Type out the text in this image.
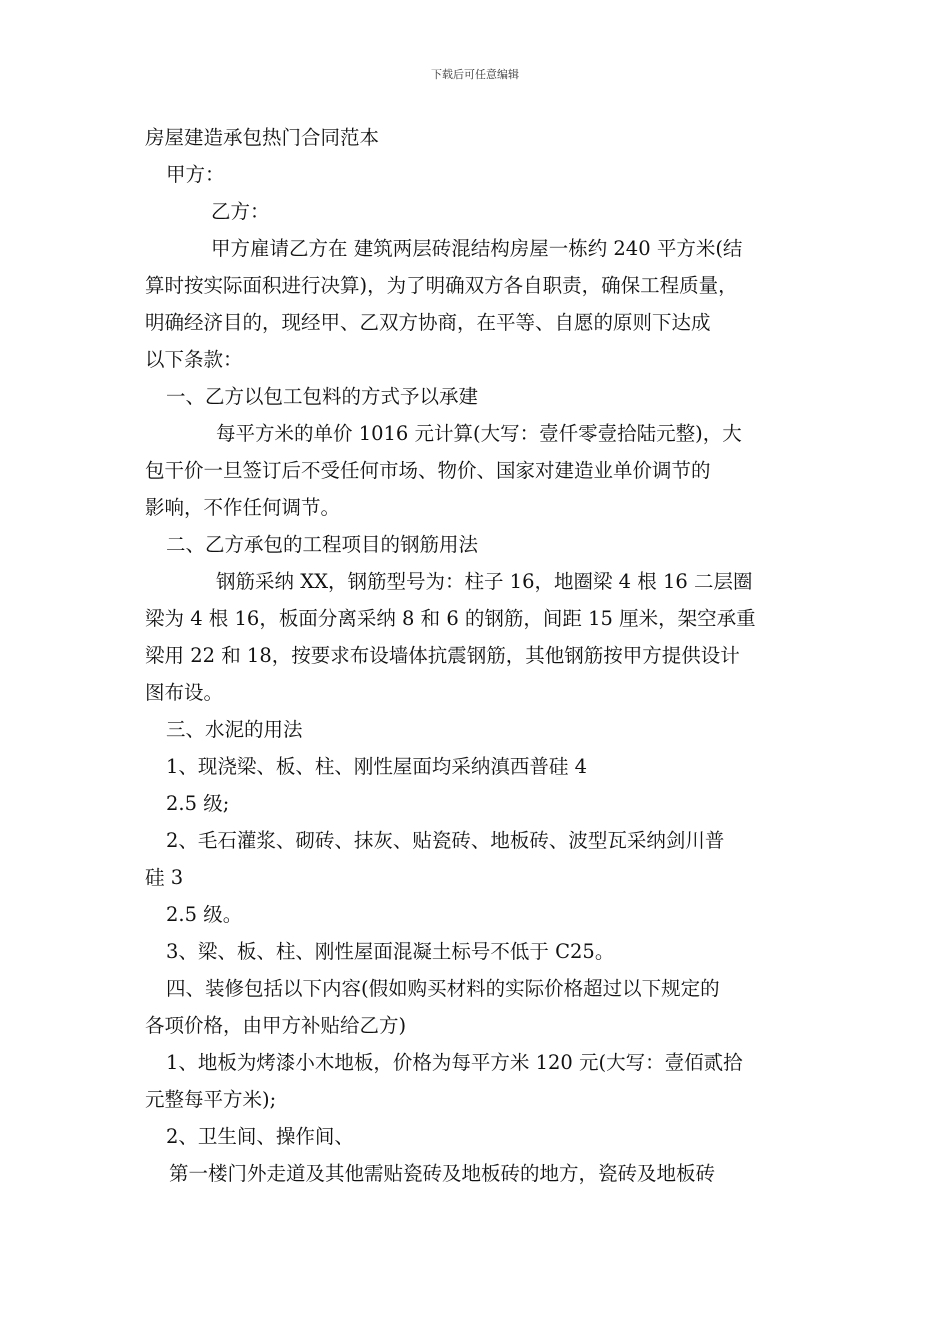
下载后可任意编辑
房屋建造承包热门合同范本
甲方：
乙方：
甲方雇请乙方在 建筑两层砖混结构房屋一栋约 240 平方米(结
算时按实际面积进行决算)，为了明确双方各自职责，确保工程质量，
明确经济目的，现经甲、乙双方协商，在平等、自愿的原则下达成
以下条款：
一、乙方以包工包料的方式予以承建
每平方米的单价 1016 元计算(大写：壹仟零壹拾陆元整)，大
包干价一旦签订后不受任何市场、物价、国家对建造业单价调节的
影响，不作任何调节。
二、乙方承包的工程项目的钢筋用法
钢筋采纳 XX，钢筋型号为：柱子 16，地圈梁 4 根 16 二层圈
梁为 4 根 16，板面分离采纳 8 和 6 的钢筋，间距 15 厘米，架空承重
梁用 22 和 18，按要求布设墙体抗震钢筋，其他钢筋按甲方提供设计
图布设。
三、水泥的用法
1、现浇梁、板、柱、刚性屋面均采纳滇西普硅 4
2.5 级;
2、毛石灌浆、砌砖、抹灰、贴瓷砖、地板砖、波型瓦采纳剑川普
硅 3
2.5 级。
3、梁、板、柱、刚性屋面混凝土标号不低于 C25。
四、装修包括以下内容(假如购买材料的实际价格超过以下规定的
各项价格，由甲方补贴给乙方)
1、地板为烤漆小木地板，价格为每平方米 120 元(大写：壹佰贰拾
元整每平方米);
2、卫生间、操作间、
第一楼门外走道及其他需贴瓷砖及地板砖的地方，瓷砖及地板砖
